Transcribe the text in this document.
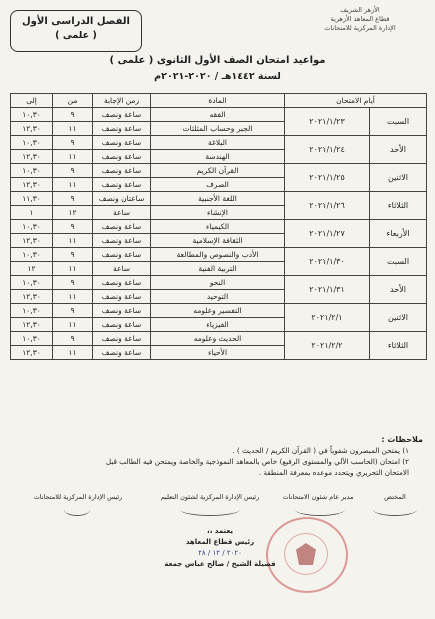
الأزهر الشريف
قطاع المعاهد الأزهرية
الإدارة المركزية للامتحانات
الفصل الدراسى الأول
( علمى )
مواعيد امتحان الصف الأول الثانوى ( علمى )
لسنة ١٤٤٢هـ / ٢٠٢٠-٢٠٢١م
أيام الامتحان		المادة	زمن الإجابة	من	إلى
السبت	٢٠٢١/١/٢٣	الفقه	ساعة ونصف	٩	١٠,٣٠
		الجبر وحساب المثلثات	ساعة ونصف	١١	١٢,٣٠
الأحد	٢٠٢١/١/٢٤	البلاغة	ساعة ونصف	٩	١٠,٣٠
		الهندسة	ساعة ونصف	١١	١٢,٣٠
الاثنين	٢٠٢١/١/٢٥	القرآن الكريم	ساعة ونصف	٩	١٠,٣٠
		الصرف	ساعة ونصف	١١	١٢,٣٠
الثلاثاء	٢٠٢١/١/٢٦	اللغة الأجنبية	ساعتان ونصف	٩	١١,٣٠
		الإنشاء	ساعة	١٢	١
الأربعاء	٢٠٢١/١/٢٧	الكيمياء	ساعة ونصف	٩	١٠,٣٠
		الثقافة الإسلامية	ساعة ونصف	١١	١٢,٣٠
السبت	٢٠٢١/١/٣٠	الأدب والنصوص والمطالعة	ساعة ونصف	٩	١٠,٣٠
		التربية الفنية	ساعة	١١	١٢
الأحد	٢٠٢١/١/٣١	النحو	ساعة ونصف	٩	١٠,٣٠
		التوحيد	ساعة ونصف	١١	١٢,٣٠
الاثنين	٢٠٢١/٢/١	التفسير وعلومه	ساعة ونصف	٩	١٠,٣٠
		الفيزياء	ساعة ونصف	١١	١٢,٣٠
الثلاثاء	٢٠٢١/٢/٢	الحديث وعلومه	ساعة ونصف	٩	١٠,٣٠
		الأحياء	ساعة ونصف	١١	١٢,٣٠
ملاحظات :
١) يمتحن المبصرون شفوياً في ( القرآن الكريم / الحديث ) .
٢) امتحان (الحاسب الآلي والمستوى الرفيع) خاص بالمعاهد النموذجية والخاصة ويمتحن فيه الطالب قبل
الامتحان التحريري ويتحدد موعده بمعرفة المنطقة .
المختص
مدير عام شئون الامتحانات
رئيس الإدارة المركزية لشئون التعليم
رئيس الإدارة المركزية للامتحانات
يعتمد ،،
رئيس قطاع المعاهد
٢٠٢٠ / ١٢ / ٢٨
فضيلة الشيخ / صالح عباس جمعة
